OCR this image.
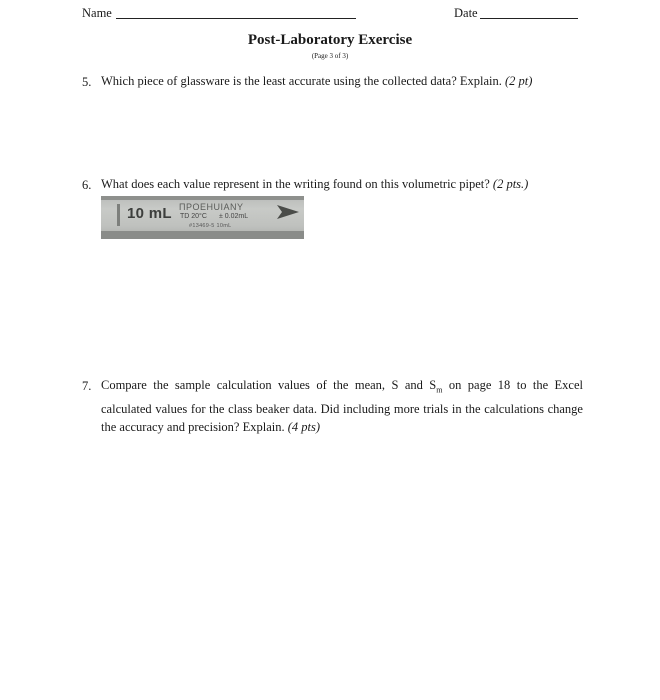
Name	Date
Post-Laboratory Exercise
(Page 3 of 3)
5. Which piece of glassware is the least accurate using the collected data? Explain. (2 pt)
6. What does each value represent in the writing found on this volumetric pipet? (2 pts.)
10 mL ПΡΟΕΗUΙΑΝΥ
TD 20°C ± 0.02mL
#13469-5 10mL
7. Compare the sample calculation values of the mean, S and $S_m$ on page 18 to the Excel calculated values for the class beaker data. Did including more trials in the calculations change the accuracy and precision? Explain. (4 pts)
